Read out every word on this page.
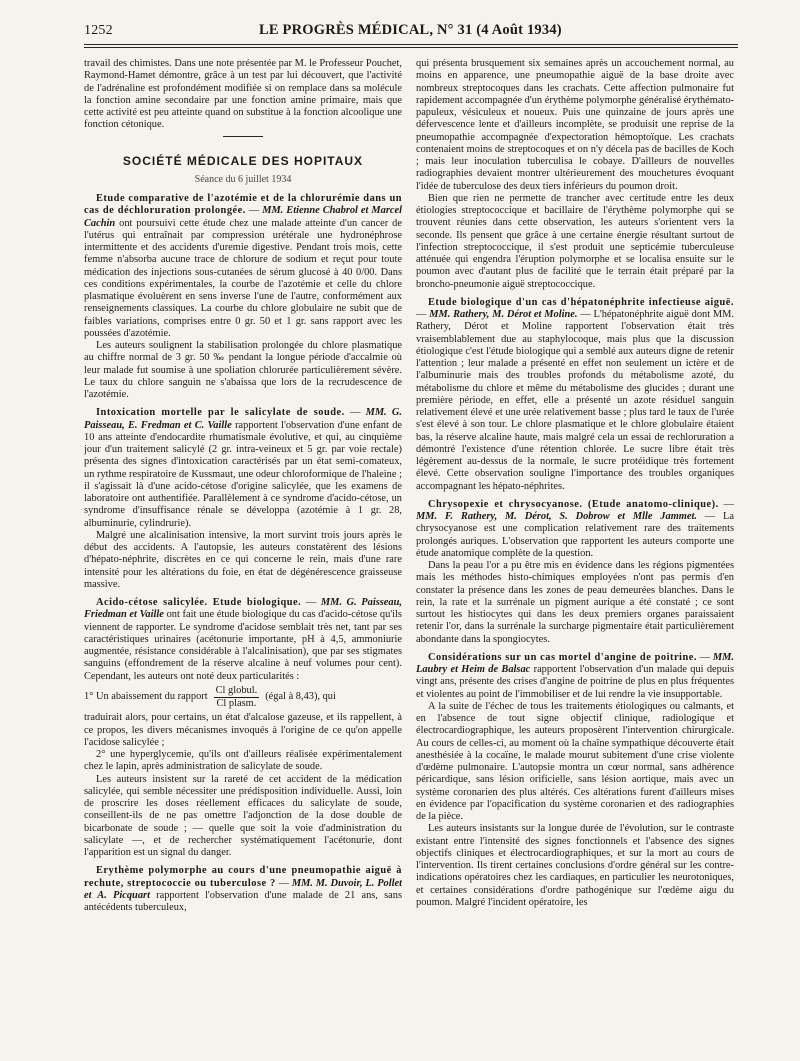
1252	LE PROGRÈS MÉDICAL, N° 31 (4 Août 1934)

travail des chimistes. Dans une note présentée par M. le Professeur Pouchet, Raymond-Hamet démontre, grâce à un test par lui découvert, que l'activité de l'adrénaline est profondément modifiée si on remplace dans sa molécule la fonction amine secondaire par une fonction amine primaire, mais que cette activité est peu atteinte quand on substitue à la fonction alcoolique une fonction cétonique.

SOCIÉTÉ MÉDICALE DES HOPITAUX
Séance du 6 juillet 1934

Etude comparative de l'azotémie et de la chlorurémie dans un cas de déchloruration prolongée. — MM. Etienne Chabrol et Marcel Cachin ont poursuivi cette étude chez une malade atteinte d'un cancer de l'utérus qui entraînait par compression urétérale une hydronéphrose intermittente et des accidents d'uremie digestive. Pendant trois mois, cette femme n'absorba aucune trace de chlorure de sodium et reçut pour toute médication des injections sous-cutanées de sérum glucosé à 40 0/00. Dans ces conditions expérimentales, la courbe de l'azotémie et celle du chlore plasmatique évoluèrent en sens inverse l'une de l'autre, conformément aux renseignements classiques. La courbe du chlore globulaire ne subit que de faibles variations, comprises entre 0 gr. 50 et 1 gr. sans rapport avec les poussées d'azotémie.

Les auteurs soulignent la stabilisation prolongée du chlore plasmatique au chiffre normal de 3 gr. 50 ‰ pendant la longue période d'accalmie où leur malade fut soumise à une spoliation chlorurée particulièrement sévère. Le taux du chlore sanguin ne s'abaissa que lors de la recrudescence de l'azotémie.

Intoxication mortelle par le salicylate de soude. — MM. G. Paisseau, E. Fredman et C. Vaille rapportent l'observation d'une enfant de 10 ans atteinte d'endocardite rhumatismale évolutive, et qui, au cinquième jour d'un traitement salicylé (2 gr. intra-veineux et 5 gr. par voie rectale) présenta des signes d'intoxication caractérisés par un état semi-comateux, un rythme respiratoire de Kussmaut, une odeur chloroformique de l'haleine ; il s'agissait là d'une acido-cétose d'origine salicylée, que les examens de laboratoire ont authentifiée. Parallèlement à ce syndrome d'acido-cétose, un syndrome d'insuffisance rénale se développa (azotémie à 1 gr. 28, albuminurie, cylindrurie).

Malgré une alcalinisation intensive, la mort survint trois jours après le début des accidents. A l'autopsie, les auteurs constatèrent des lésions d'hépato-néphrite, discrètes en ce qui concerne le rein, mais d'une rare intensité pour les altérations du foie, en état de dégénérescence graisseuse massive.

Acido-cétose salicylée. Etude biologique. — MM. G. Paisseau, Friedman et Vaille ont fait une étude biologique du cas d'acido-cétose qu'ils viennent de rapporter. Le syndrome d'acidose semblait très net, tant par ses caractéristiques urinaires (acétonurie importante, pH à 4,5, ammoniurie augmentée, résistance considérable à l'alcalinisation), que par ses stigmates sanguins (effondrement de la réserve alcaline à neuf volumes pour cent). Cependant, les auteurs ont noté deux particularités :

1° Un abaissement du rapport $\frac{\text{Cl globul.}}{\text{Cl plasm.}}$ (égal à 8,43), qui

traduirait alors, pour certains, un état d'alcalose gazeuse, et ils rappellent, à ce propos, les divers mécanismes invoqués à l'origine de ce qu'on appelle l'acidose salicylée ;

2° une hyperglycemie, qu'ils ont d'ailleurs réalisée expérimentalement chez le lapin, après administration de salicylate de soude.

Les auteurs insistent sur la rareté de cet accident de la médication salicylée, qui semble nécessiter une prédisposition individuelle. Aussi, loin de proscrire les doses réellement efficaces du salicylate de soude, conseillent-ils de ne pas omettre l'adjonction de la dose double de bicarbonate de soude ; — quelle que soit la voie d'administration du salicylate —, et de rechercher systématiquement l'acétonurie, dont l'apparition est un signal du danger.

Erythème polymorphe au cours d'une pneumopathie aiguë à rechute, streptococcie ou tuberculose ? — MM. M. Duvoir, L. Pollet et A. Picquart rapportent l'observation d'une malade de 21 ans, sans antécédents tuberculeux,

qui présenta brusquement six semaines après un accouchement normal, au moins en apparence, une pneumopathie aiguë de la base droite avec nombreux streptocoques dans les crachats. Cette affection pulmonaire fut rapidement accompagnée d'un érythème polymorphe généralisé érythémato-papuleux, vésiculeux et noueux. Puis une quinzaine de jours après une défervescence lente et d'ailleurs incomplète, se produisit une reprise de la pneumopathie accompagnée d'expectoration hémoptoïque. Les crachats contenaient moins de streptocoques et on n'y décela pas de bacilles de Koch ; mais leur inoculation tuberculisa le cobaye. D'ailleurs de nouvelles radiographies devaient montrer ultérieurement des mouchetures évoquant l'idée de tuberculose des deux tiers inférieurs du poumon droit.

Bien que rien ne permette de trancher avec certitude entre les deux étiologies streptococcique et bacillaire de l'érythème polymorphe qui se trouvent réunies dans cette observation, les auteurs s'orientent vers la seconde. Ils pensent que grâce à une certaine énergie résultant surtout de l'infection streptococcique, il s'est produit une septicémie tuberculeuse atténuée qui engendra l'éruption polymorphe et se localisa ensuite sur le poumon avec d'autant plus de facilité que le terrain était préparé par la broncho-pneumonie aiguë streptococcique.

Etude biologique d'un cas d'hépatonéphrite infectieuse aiguë. — MM. Rathery, M. Dérot et Moline. — L'hépatonéphrite aiguë dont MM. Rathery, Dérot et Moline rapportent l'observation était très vraisemblablement due au staphylocoque, mais plus que la discussion étiologique c'est l'étude biologique qui a semblé aux auteurs digne de retenir l'attention ; leur malade a présenté en effet non seulement un ictère et de l'albuminurie mais des troubles profonds du métabolisme azoté, du métabolisme du chlore et même du métabolisme des glucides ; durant une première période, en effet, elle a présenté un azote résiduel sanguin relativement élevé et une urée relativement basse ; plus tard le taux de l'urée s'est élevé à son tour. Le chlore plasmatique et le chlore globulaire étaient bas, la réserve alcaline haute, mais malgré cela un essai de rechloruration a démontré l'existence d'une rétention chlorée. Le sucre libre était très légèrement au-dessus de la normale, le sucre protéidique très fortement élevé. Cette observation souligne l'importance des troubles organiques accompagnant les hépato-néphrites.

Chrysopexie et chrysocyanose. (Etude anatomo-clinique). — MM. F. Rathery, M. Dérot, S. Dobrow et Mlle Jammet. — La chrysocyanose est une complication relativement rare des traitements prolongés auriques. L'observation que rapportent les auteurs comporte une étude anatomique complète de la question.

Dans la peau l'or a pu être mis en évidence dans les régions pigmentées mais les méthodes histo-chimiques employées n'ont pas permis d'en constater la présence dans les zones de peau demeurées blanches. Dans le rein, la rate et la surrénale un pigment aurique a été constaté ; ce sont surtout les histiocytes qui dans les deux premiers organes paraissaient retenir l'or, dans la surrénale la surcharge pigmentaire était particulièrement abondante dans la spongiocytes.

Considérations sur un cas mortel d'angine de poitrine. — MM. Laubry et Heim de Balsac rapportent l'observation d'un malade qui depuis vingt ans, présente des crises d'angine de poitrine de plus en plus fréquentes et violentes au point de l'immobiliser et de lui rendre la vie insupportable.

A la suite de l'échec de tous les traitements étiologiques ou calmants, et en l'absence de tout signe objectif clinique, radiologique et électrocardiographique, les auteurs proposèrent l'intervention chirurgicale. Au cours de celles-ci, au moment où la chaîne sympathique découverte était anesthésiée à la cocaïne, le malade mourut subitement d'une crise violente d'œdème pulmonaire. L'autopsie montra un cœur normal, sans adhérence péricardique, sans lésion orificielle, sans lésion aortique, mais avec un système coronarien des plus altérés. Ces altérations furent d'ailleurs mises en évidence par l'opacification du système coronarien et des radiographies de la pièce.

Les auteurs insistants sur la longue durée de l'évolution, sur le contraste existant entre l'intensité des signes fonctionnels et l'absence des signes objectifs cliniques et électrocardiographiques, et sur la mort au cours de l'intervention. Ils tirent certaines conclusions d'ordre général sur les contre-indications opératoires chez les cardiaques, en particulier les neurotoniques, et certaines considérations d'ordre pathogénique sur l'œdème aigu du poumon. Malgré l'incident opératoire, les
